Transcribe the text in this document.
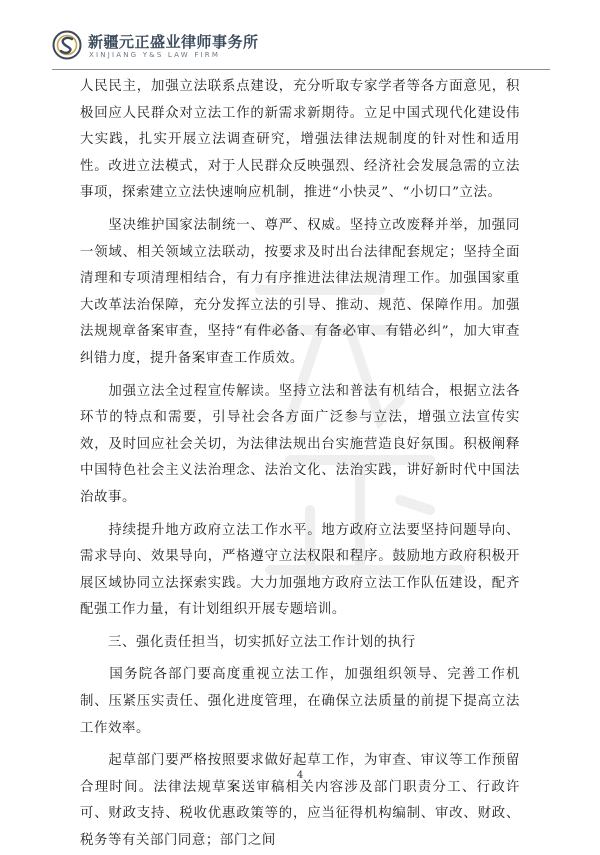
新疆元正盛业律师事务所
XINJIANG Y&S LAW FIRM

人民民主，加强立法联系点建设，充分听取专家学者等各方面意见，积极回应人民群众对立法工作的新需求新期待。立足中国式现代化建设伟大实践，扎实开展立法调查研究，增强法律法规制度的针对性和适用性。改进立法模式，对于人民群众反映强烈、经济社会发展急需的立法事项，探索建立立法快速响应机制，推进“小快灵”、“小切口”立法。

　　坚决维护国家法制统一、尊严、权威。坚持立改废释并举，加强同一领域、相关领域立法联动，按要求及时出台法律配套规定；坚持全面清理和专项清理相结合，有力有序推进法律法规清理工作。加强国家重大改革法治保障，充分发挥立法的引导、推动、规范、保障作用。加强法规规章备案审查，坚持“有件必备、有备必审、有错必纠”，加大审查纠错力度，提升备案审查工作质效。

　　加强立法全过程宣传解读。坚持立法和普法有机结合，根据立法各环节的特点和需要，引导社会各方面广泛参与立法，增强立法宣传实效，及时回应社会关切，为法律法规出台实施营造良好氛围。积极阐释中国特色社会主义法治理念、法治文化、法治实践，讲好新时代中国法治故事。

　　持续提升地方政府立法工作水平。地方政府立法要坚持问题导向、需求导向、效果导向，严格遵守立法权限和程序。鼓励地方政府积极开展区域协同立法探索实践。大力加强地方政府立法工作队伍建设，配齐配强工作力量，有计划组织开展专题培训。

　　三、强化责任担当，切实抓好立法工作计划的执行

　　国务院各部门要高度重视立法工作，加强组织领导、完善工作机制、压紧压实责任、强化进度管理，在确保立法质量的前提下提高立法工作效率。

　　起草部门要严格按照要求做好起草工作，为审查、审议等工作预留合理时间。法律法规草案送审稿相关内容涉及部门职责分工、行政许可、财政支持、税收优惠政策等的，应当征得机构编制、审改、财政、税务等有关部门同意；部门之间

4
